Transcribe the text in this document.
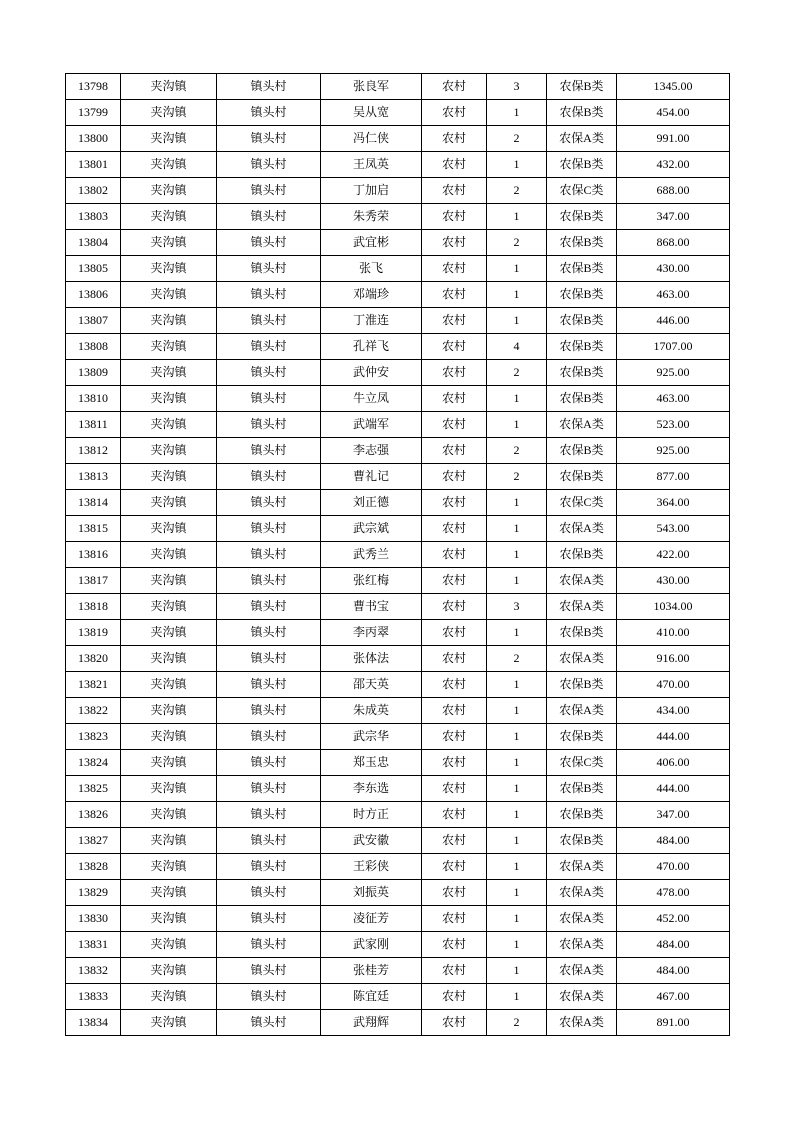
13798	夹沟镇	镇头村	张良军	农村	3	农保B类	1345.00
13799	夹沟镇	镇头村	吴从宽	农村	1	农保B类	454.00
13800	夹沟镇	镇头村	冯仁侠	农村	2	农保A类	991.00
13801	夹沟镇	镇头村	王凤英	农村	1	农保B类	432.00
13802	夹沟镇	镇头村	丁加启	农村	2	农保C类	688.00
13803	夹沟镇	镇头村	朱秀荣	农村	1	农保B类	347.00
13804	夹沟镇	镇头村	武宜彬	农村	2	农保B类	868.00
13805	夹沟镇	镇头村	张飞	农村	1	农保B类	430.00
13806	夹沟镇	镇头村	邓端珍	农村	1	农保B类	463.00
13807	夹沟镇	镇头村	丁淮连	农村	1	农保B类	446.00
13808	夹沟镇	镇头村	孔祥飞	农村	4	农保B类	1707.00
13809	夹沟镇	镇头村	武仲安	农村	2	农保B类	925.00
13810	夹沟镇	镇头村	牛立凤	农村	1	农保B类	463.00
13811	夹沟镇	镇头村	武端军	农村	1	农保A类	523.00
13812	夹沟镇	镇头村	李志强	农村	2	农保B类	925.00
13813	夹沟镇	镇头村	曹礼记	农村	2	农保B类	877.00
13814	夹沟镇	镇头村	刘正德	农村	1	农保C类	364.00
13815	夹沟镇	镇头村	武宗斌	农村	1	农保A类	543.00
13816	夹沟镇	镇头村	武秀兰	农村	1	农保B类	422.00
13817	夹沟镇	镇头村	张红梅	农村	1	农保A类	430.00
13818	夹沟镇	镇头村	曹书宝	农村	3	农保A类	1034.00
13819	夹沟镇	镇头村	李丙翠	农村	1	农保B类	410.00
13820	夹沟镇	镇头村	张体法	农村	2	农保A类	916.00
13821	夹沟镇	镇头村	邵天英	农村	1	农保B类	470.00
13822	夹沟镇	镇头村	朱成英	农村	1	农保A类	434.00
13823	夹沟镇	镇头村	武宗华	农村	1	农保B类	444.00
13824	夹沟镇	镇头村	郑玉忠	农村	1	农保C类	406.00
13825	夹沟镇	镇头村	李东选	农村	1	农保B类	444.00
13826	夹沟镇	镇头村	时方正	农村	1	农保B类	347.00
13827	夹沟镇	镇头村	武安徽	农村	1	农保B类	484.00
13828	夹沟镇	镇头村	王彩侠	农村	1	农保A类	470.00
13829	夹沟镇	镇头村	刘振英	农村	1	农保A类	478.00
13830	夹沟镇	镇头村	凌征芳	农村	1	农保A类	452.00
13831	夹沟镇	镇头村	武家刚	农村	1	农保A类	484.00
13832	夹沟镇	镇头村	张桂芳	农村	1	农保A类	484.00
13833	夹沟镇	镇头村	陈宜廷	农村	1	农保A类	467.00
13834	夹沟镇	镇头村	武翔辉	农村	2	农保A类	891.00
